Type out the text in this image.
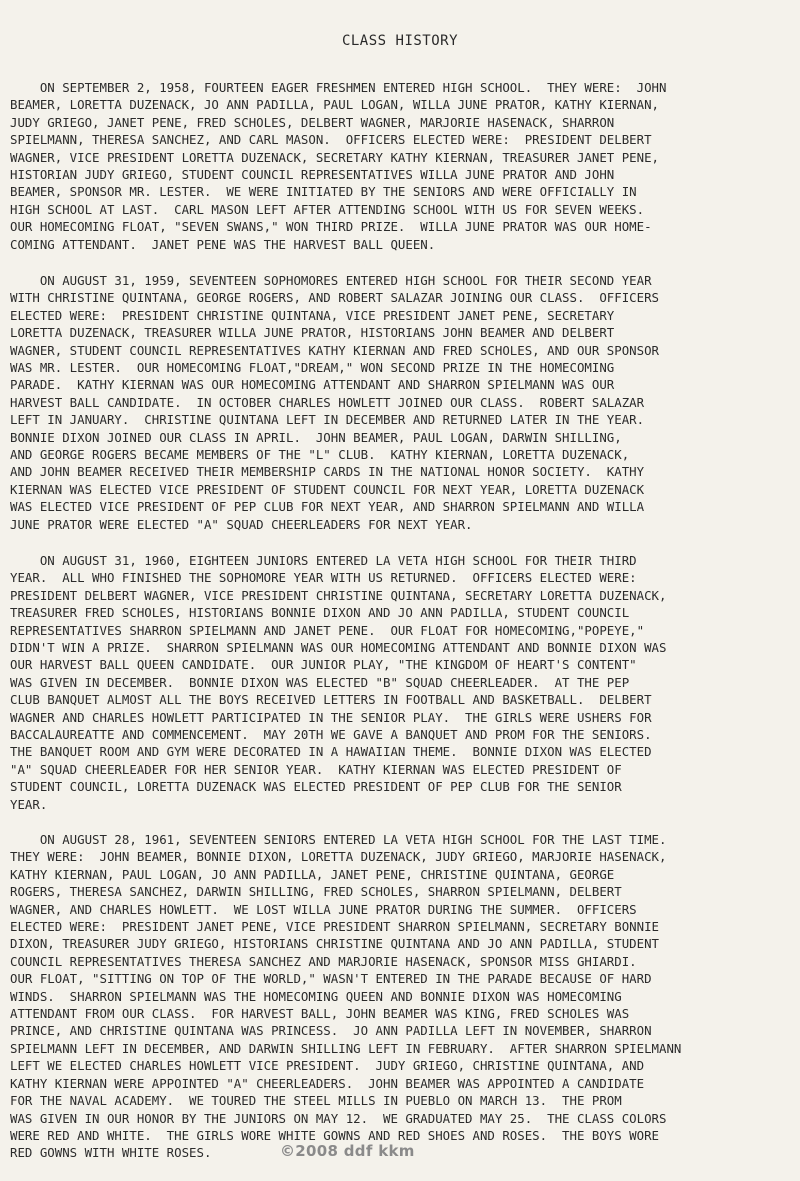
CLASS HISTORY

ON SEPTEMBER 2, 1958, FOURTEEN EAGER FRESHMEN ENTERED HIGH SCHOOL.  THEY WERE:  JOHN
BEAMER, LORETTA DUZENACK, JO ANN PADILLA, PAUL LOGAN, WILLA JUNE PRATOR, KATHY KIERNAN,
JUDY GRIEGO, JANET PENE, FRED SCHOLES, DELBERT WAGNER, MARJORIE HASENACK, SHARRON
SPIELMANN, THERESA SANCHEZ, AND CARL MASON.  OFFICERS ELECTED WERE:  PRESIDENT DELBERT
WAGNER, VICE PRESIDENT LORETTA DUZENACK, SECRETARY KATHY KIERNAN, TREASURER JANET PENE,
HISTORIAN JUDY GRIEGO, STUDENT COUNCIL REPRESENTATIVES WILLA JUNE PRATOR AND JOHN
BEAMER, SPONSOR MR. LESTER.  WE WERE INITIATED BY THE SENIORS AND WERE OFFICIALLY IN
HIGH SCHOOL AT LAST.  CARL MASON LEFT AFTER ATTENDING SCHOOL WITH US FOR SEVEN WEEKS.
OUR HOMECOMING FLOAT, "SEVEN SWANS," WON THIRD PRIZE.  WILLA JUNE PRATOR WAS OUR HOME-
COMING ATTENDANT.  JANET PENE WAS THE HARVEST BALL QUEEN.

ON AUGUST 31, 1959, SEVENTEEN SOPHOMORES ENTERED HIGH SCHOOL FOR THEIR SECOND YEAR
WITH CHRISTINE QUINTANA, GEORGE ROGERS, AND ROBERT SALAZAR JOINING OUR CLASS.  OFFICERS
ELECTED WERE:  PRESIDENT CHRISTINE QUINTANA, VICE PRESIDENT JANET PENE, SECRETARY
LORETTA DUZENACK, TREASURER WILLA JUNE PRATOR, HISTORIANS JOHN BEAMER AND DELBERT
WAGNER, STUDENT COUNCIL REPRESENTATIVES KATHY KIERNAN AND FRED SCHOLES, AND OUR SPONSOR
WAS MR. LESTER.  OUR HOMECOMING FLOAT,"DREAM," WON SECOND PRIZE IN THE HOMECOMING
PARADE.  KATHY KIERNAN WAS OUR HOMECOMING ATTENDANT AND SHARRON SPIELMANN WAS OUR
HARVEST BALL CANDIDATE.  IN OCTOBER CHARLES HOWLETT JOINED OUR CLASS.  ROBERT SALAZAR
LEFT IN JANUARY.  CHRISTINE QUINTANA LEFT IN DECEMBER AND RETURNED LATER IN THE YEAR.
BONNIE DIXON JOINED OUR CLASS IN APRIL.  JOHN BEAMER, PAUL LOGAN, DARWIN SHILLING,
AND GEORGE ROGERS BECAME MEMBERS OF THE "L" CLUB.  KATHY KIERNAN, LORETTA DUZENACK,
AND JOHN BEAMER RECEIVED THEIR MEMBERSHIP CARDS IN THE NATIONAL HONOR SOCIETY.  KATHY
KIERNAN WAS ELECTED VICE PRESIDENT OF STUDENT COUNCIL FOR NEXT YEAR, LORETTA DUZENACK
WAS ELECTED VICE PRESIDENT OF PEP CLUB FOR NEXT YEAR, AND SHARRON SPIELMANN AND WILLA
JUNE PRATOR WERE ELECTED "A" SQUAD CHEERLEADERS FOR NEXT YEAR.

ON AUGUST 31, 1960, EIGHTEEN JUNIORS ENTERED LA VETA HIGH SCHOOL FOR THEIR THIRD
YEAR.  ALL WHO FINISHED THE SOPHOMORE YEAR WITH US RETURNED.  OFFICERS ELECTED WERE:
PRESIDENT DELBERT WAGNER, VICE PRESIDENT CHRISTINE QUINTANA, SECRETARY LORETTA DUZENACK,
TREASURER FRED SCHOLES, HISTORIANS BONNIE DIXON AND JO ANN PADILLA, STUDENT COUNCIL
REPRESENTATIVES SHARRON SPIELMANN AND JANET PENE.  OUR FLOAT FOR HOMECOMING,"POPEYE,"
DIDN'T WIN A PRIZE.  SHARRON SPIELMANN WAS OUR HOMECOMING ATTENDANT AND BONNIE DIXON WAS
OUR HARVEST BALL QUEEN CANDIDATE.  OUR JUNIOR PLAY, "THE KINGDOM OF HEART'S CONTENT"
WAS GIVEN IN DECEMBER.  BONNIE DIXON WAS ELECTED "B" SQUAD CHEERLEADER.  AT THE PEP
CLUB BANQUET ALMOST ALL THE BOYS RECEIVED LETTERS IN FOOTBALL AND BASKETBALL.  DELBERT
WAGNER AND CHARLES HOWLETT PARTICIPATED IN THE SENIOR PLAY.  THE GIRLS WERE USHERS FOR
BACCALAUREATTE AND COMMENCEMENT.  MAY 20TH WE GAVE A BANQUET AND PROM FOR THE SENIORS.
THE BANQUET ROOM AND GYM WERE DECORATED IN A HAWAIIAN THEME.  BONNIE DIXON WAS ELECTED
"A" SQUAD CHEERLEADER FOR HER SENIOR YEAR.  KATHY KIERNAN WAS ELECTED PRESIDENT OF
STUDENT COUNCIL, LORETTA DUZENACK WAS ELECTED PRESIDENT OF PEP CLUB FOR THE SENIOR
YEAR.

ON AUGUST 28, 1961, SEVENTEEN SENIORS ENTERED LA VETA HIGH SCHOOL FOR THE LAST TIME.
THEY WERE:  JOHN BEAMER, BONNIE DIXON, LORETTA DUZENACK, JUDY GRIEGO, MARJORIE HASENACK,
KATHY KIERNAN, PAUL LOGAN, JO ANN PADILLA, JANET PENE, CHRISTINE QUINTANA, GEORGE
ROGERS, THERESA SANCHEZ, DARWIN SHILLING, FRED SCHOLES, SHARRON SPIELMANN, DELBERT
WAGNER, AND CHARLES HOWLETT.  WE LOST WILLA JUNE PRATOR DURING THE SUMMER.  OFFICERS
ELECTED WERE:  PRESIDENT JANET PENE, VICE PRESIDENT SHARRON SPIELMANN, SECRETARY BONNIE
DIXON, TREASURER JUDY GRIEGO, HISTORIANS CHRISTINE QUINTANA AND JO ANN PADILLA, STUDENT
COUNCIL REPRESENTATIVES THERESA SANCHEZ AND MARJORIE HASENACK, SPONSOR MISS GHIARDI.
OUR FLOAT, "SITTING ON TOP OF THE WORLD," WASN'T ENTERED IN THE PARADE BECAUSE OF HARD
WINDS.  SHARRON SPIELMANN WAS THE HOMECOMING QUEEN AND BONNIE DIXON WAS HOMECOMING
ATTENDANT FROM OUR CLASS.  FOR HARVEST BALL, JOHN BEAMER WAS KING, FRED SCHOLES WAS
PRINCE, AND CHRISTINE QUINTANA WAS PRINCESS.  JO ANN PADILLA LEFT IN NOVEMBER, SHARRON
SPIELMANN LEFT IN DECEMBER, AND DARWIN SHILLING LEFT IN FEBRUARY.  AFTER SHARRON SPIELMANN
LEFT WE ELECTED CHARLES HOWLETT VICE PRESIDENT.  JUDY GRIEGO, CHRISTINE QUINTANA, AND
KATHY KIERNAN WERE APPOINTED "A" CHEERLEADERS.  JOHN BEAMER WAS APPOINTED A CANDIDATE
FOR THE NAVAL ACADEMY.  WE TOURED THE STEEL MILLS IN PUEBLO ON MARCH 13.  THE PROM
WAS GIVEN IN OUR HONOR BY THE JUNIORS ON MAY 12.  WE GRADUATED MAY 25.  THE CLASS COLORS
WERE RED AND WHITE.  THE GIRLS WORE WHITE GOWNS AND RED SHOES AND ROSES.  THE BOYS WORE
RED GOWNS WITH WHITE ROSES.	©2008 ddf kkm
